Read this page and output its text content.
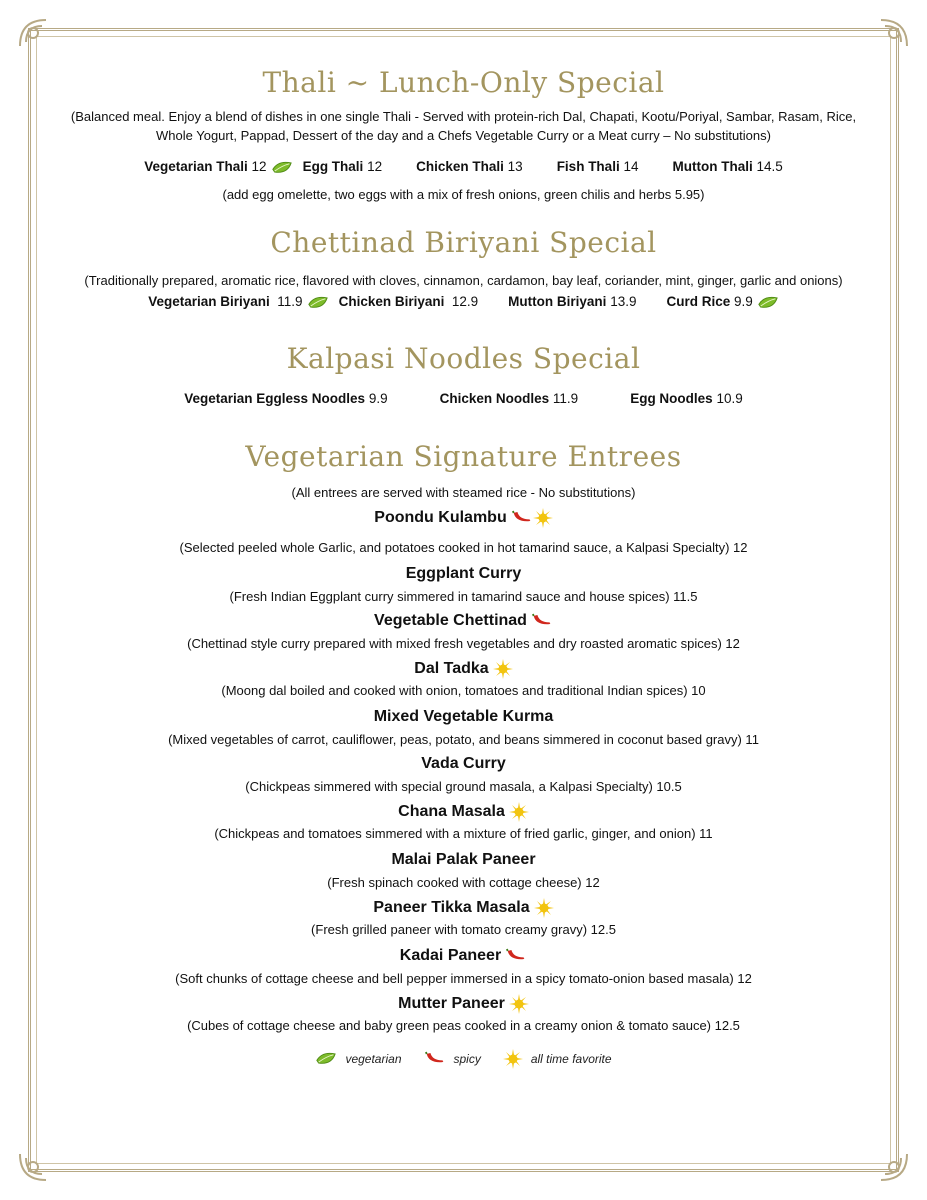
Thali ~ Lunch-Only Special

(Balanced meal. Enjoy a blend of dishes in one single Thali - Served with protein-rich Dal, Chapati, Kootu/Poriyal, Sambar, Rasam, Rice, Whole Yogurt, Pappad, Dessert of the day and a Chefs Vegetable Curry or a Meat curry – No substitutions)

Vegetarian Thali 12	Egg Thali 12	Chicken Thali 13	Fish Thali 14	Mutton Thali 14.5

(add egg omelette, two eggs with a mix of fresh onions, green chilis and herbs 5.95)

Chettinad Biriyani Special

(Traditionally prepared, aromatic rice, flavored with cloves, cinnamon, cardamon, bay leaf, coriander, mint, ginger, garlic and onions)

Vegetarian Biriyani 11.9	Chicken Biriyani 12.9 Mutton Biriyani 13.9 Curd Rice 9.9
Kalpasi Noodles Special
Vegetarian Eggless Noodles 9.9	Chicken Noodles 11.9	Egg Noodles 10.9
Vegetarian Signature Entrees

(All entrees are served with steamed rice - No substitutions)

Poondu Kulambu

(Selected peeled whole Garlic, and potatoes cooked in hot tamarind sauce, a Kalpasi Specialty) 12

Eggplant Curry

(Fresh Indian Eggplant curry simmered in tamarind sauce and house spices) 11.5

Vegetable Chettinad

(Chettinad style curry prepared with mixed fresh vegetables and dry roasted aromatic spices) 12

Dal Tadka

(Moong dal boiled and cooked with onion, tomatoes and traditional Indian spices) 10

Mixed Vegetable Kurma

(Mixed vegetables of carrot, cauliflower, peas, potato, and beans simmered in coconut based gravy) 11

Vada Curry

(Chickpeas simmered with special ground masala, a Kalpasi Specialty) 10.5

Chana Masala

(Chickpeas and tomatoes simmered with a mixture of fried garlic, ginger, and onion) 11

Malai Palak Paneer

(Fresh spinach cooked with cottage cheese) 12

Paneer Tikka Masala

(Fresh grilled paneer with tomato creamy gravy) 12.5

Kadai Paneer

(Soft chunks of cottage cheese and bell pepper immersed in a spicy tomato-onion based masala) 12

Mutter Paneer

(Cubes of cottage cheese and baby green peas cooked in a creamy onion & tomato sauce) 12.5

vegetarian	spicy	all time favorite
